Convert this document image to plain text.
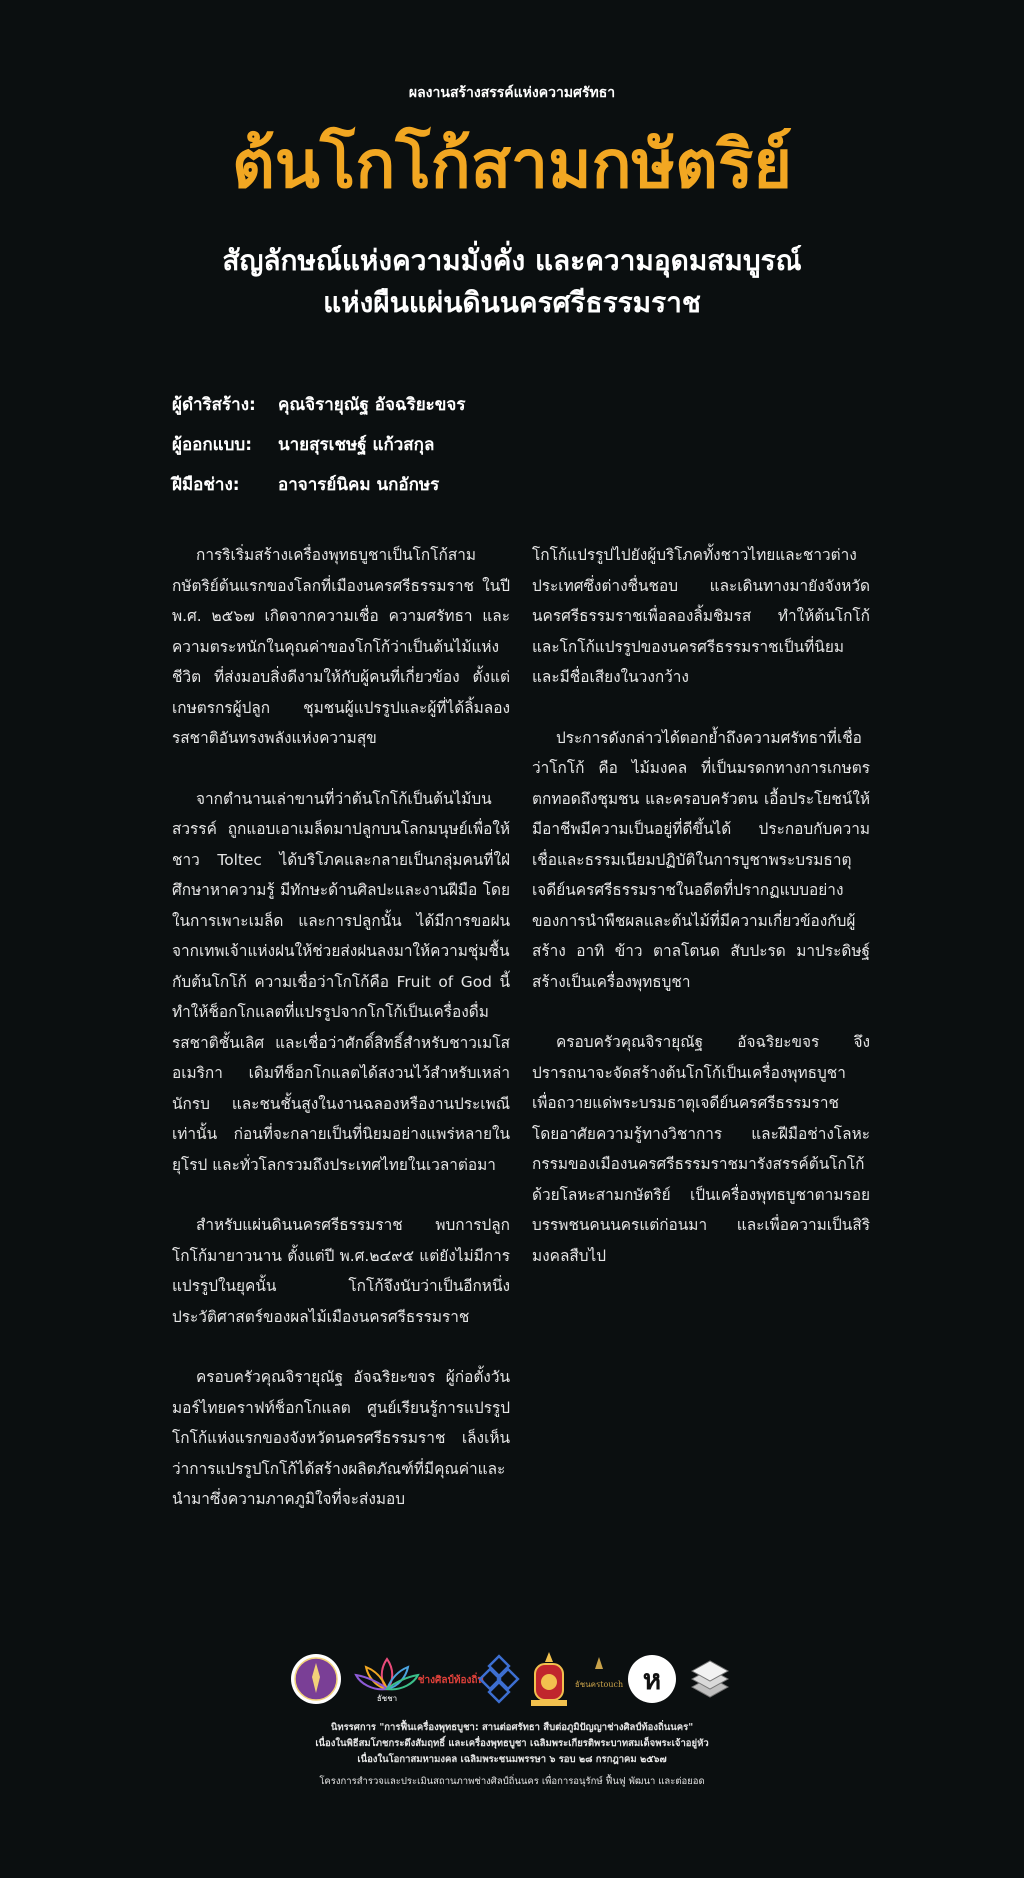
ผลงานสร้างสรรค์แห่งความศรัทธา
ต้นโกโก้สามกษัตริย์
สัญลักษณ์แห่งความมั่งคั่ง และความอุดมสมบูรณ์
แห่งผืนแผ่นดินนครศรีธรรมราช
ผู้ดำริสร้าง:	คุณจิรายุณัฐ อัจฉริยะขจร
ผู้ออกแบบ:	นายสุรเชษฐ์ แก้วสกุล
ฝีมือช่าง:	อาจารย์นิคม นกอักษร

การริเริ่มสร้างเครื่องพุทธบูชาเป็นโกโก้สามกษัตริย์ต้นแรกของโลกที่เมืองนครศรีธรรมราช ในปี พ.ศ. ๒๕๖๗ เกิดจากความเชื่อ ความศรัทธา และความตระหนักในคุณค่าของโกโก้ว่าเป็นต้นไม้แห่งชีวิต ที่ส่งมอบสิ่งดีงามให้กับผู้คนที่เกี่ยวข้อง ตั้งแต่เกษตรกรผู้ปลูก ชุมชนผู้แปรรูปและผู้ที่ได้ลิ้มลองรสชาติอันทรงพลังแห่งความสุข

จากตำนานเล่าขานที่ว่าต้นโกโก้เป็นต้นไม้บนสวรรค์ ถูกแอบเอาเมล็ดมาปลูกบนโลกมนุษย์เพื่อให้ชาว Toltec ได้บริโภคและกลายเป็นกลุ่มคนที่ใฝ่ศึกษาหาความรู้ มีทักษะด้านศิลปะและงานฝีมือ โดยในการเพาะเมล็ด และการปลูกนั้น ได้มีการขอฝนจากเทพเจ้าแห่งฝนให้ช่วยส่งฝนลงมาให้ความชุ่มชื้นกับต้นโกโก้ ความเชื่อว่าโกโก้คือ Fruit of God นี้ทำให้ช็อกโกแลตที่แปรรูปจากโกโก้เป็นเครื่องดื่มรสชาติชั้นเลิศ และเชื่อว่าศักดิ์สิทธิ์สำหรับชาวเมโสอเมริกา เดิมทีช็อกโกแลตได้สงวนไว้สำหรับเหล่านักรบ และชนชั้นสูงในงานฉลองหรืองานประเพณีเท่านั้น ก่อนที่จะกลายเป็นที่นิยมอย่างแพร่หลายในยุโรป และทั่วโลกรวมถึงประเทศไทยในเวลาต่อมา

สำหรับแผ่นดินนครศรีธรรมราช พบการปลูกโกโก้มายาวนาน ตั้งแต่ปี พ.ศ.๒๔๙๕ แต่ยังไม่มีการแปรรูปในยุคนั้น โกโก้จึงนับว่าเป็นอีกหนึ่งประวัติศาสตร์ของผลไม้เมืองนครศรีธรรมราช

ครอบครัวคุณจิรายุณัฐ อัจฉริยะขจร ผู้ก่อตั้งวันมอร์ไทยคราฟท์ช็อกโกแลต ศูนย์เรียนรู้การแปรรูปโกโก้แห่งแรกของจังหวัดนครศรีธรรมราช เล็งเห็นว่าการแปรรูปโกโก้ได้สร้างผลิตภัณฑ์ที่มีคุณค่าและนำมาซึ่งความภาคภูมิใจที่จะส่งมอบ

โกโก้แปรรูปไปยังผู้บริโภคทั้งชาวไทยและชาวต่างประเทศซึ่งต่างชื่นชอบ และเดินทางมายังจังหวัดนครศรีธรรมราชเพื่อลองลิ้มชิมรส ทำให้ต้นโกโก้ และโกโก้แปรรูปของนครศรีธรรมราชเป็นที่นิยมและมีชื่อเสียงในวงกว้าง

ประการดังกล่าวได้ตอกย้ำถึงความศรัทธาที่เชื่อว่าโกโก้ คือ ไม้มงคล ที่เป็นมรดกทางการเกษตร ตกทอดถึงชุมชน และครอบครัวตน เอื้อประโยชน์ให้มีอาชีพมีความเป็นอยู่ที่ดีขึ้นได้ ประกอบกับความเชื่อและธรรมเนียมปฏิบัติในการบูชาพระบรมธาตุเจดีย์นครศรีธรรมราชในอดีตที่ปรากฏแบบอย่างของการนำพืชผลและต้นไม้ที่มีความเกี่ยวข้องกับผู้สร้าง อาทิ ข้าว ตาลโตนด สับปะรด มาประดิษฐ์สร้างเป็นเครื่องพุทธบูชา

ครอบครัวคุณจิรายุณัฐ อัจฉริยะขจร จึงปรารถนาจะจัดสร้างต้นโกโก้เป็นเครื่องพุทธบูชา เพื่อถวายแด่พระบรมธาตุเจดีย์นครศรีธรรมราช โดยอาศัยความรู้ทางวิชาการ และฝีมือช่างโลหะกรรมของเมืองนครศรีธรรมราชมารังสรรค์ต้นโกโก้ด้วยโลหะสามกษัตริย์ เป็นเครื่องพุทธบูชาตามรอยบรรพชนคนนครแต่ก่อนมา และเพื่อความเป็นสิริมงคลสืบไป

ธัชชา
ช่างศิลป์ท้องถิ่น	ธัชนครtouch ห
นิทรรศการ "การฟื้นเครื่องพุทธบูชา: สานต่อศรัทธา สืบต่อภูมิปัญญาช่างศิลป์ท้องถิ่นนคร"
เนื่องในพิธีสมโภชกระดึงสัมฤทธิ์ และเครื่องพุทธบูชา เฉลิมพระเกียรติพระบาทสมเด็จพระเจ้าอยู่หัว
เนื่องในโอกาสมหามงคล เฉลิมพระชนมพรรษา ๖ รอบ ๒๘ กรกฎาคม ๒๕๖๗
โครงการสำรวจและประเมินสถานภาพช่างศิลป์ถิ่นนคร เพื่อการอนุรักษ์ ฟื้นฟู พัฒนา และต่อยอด
